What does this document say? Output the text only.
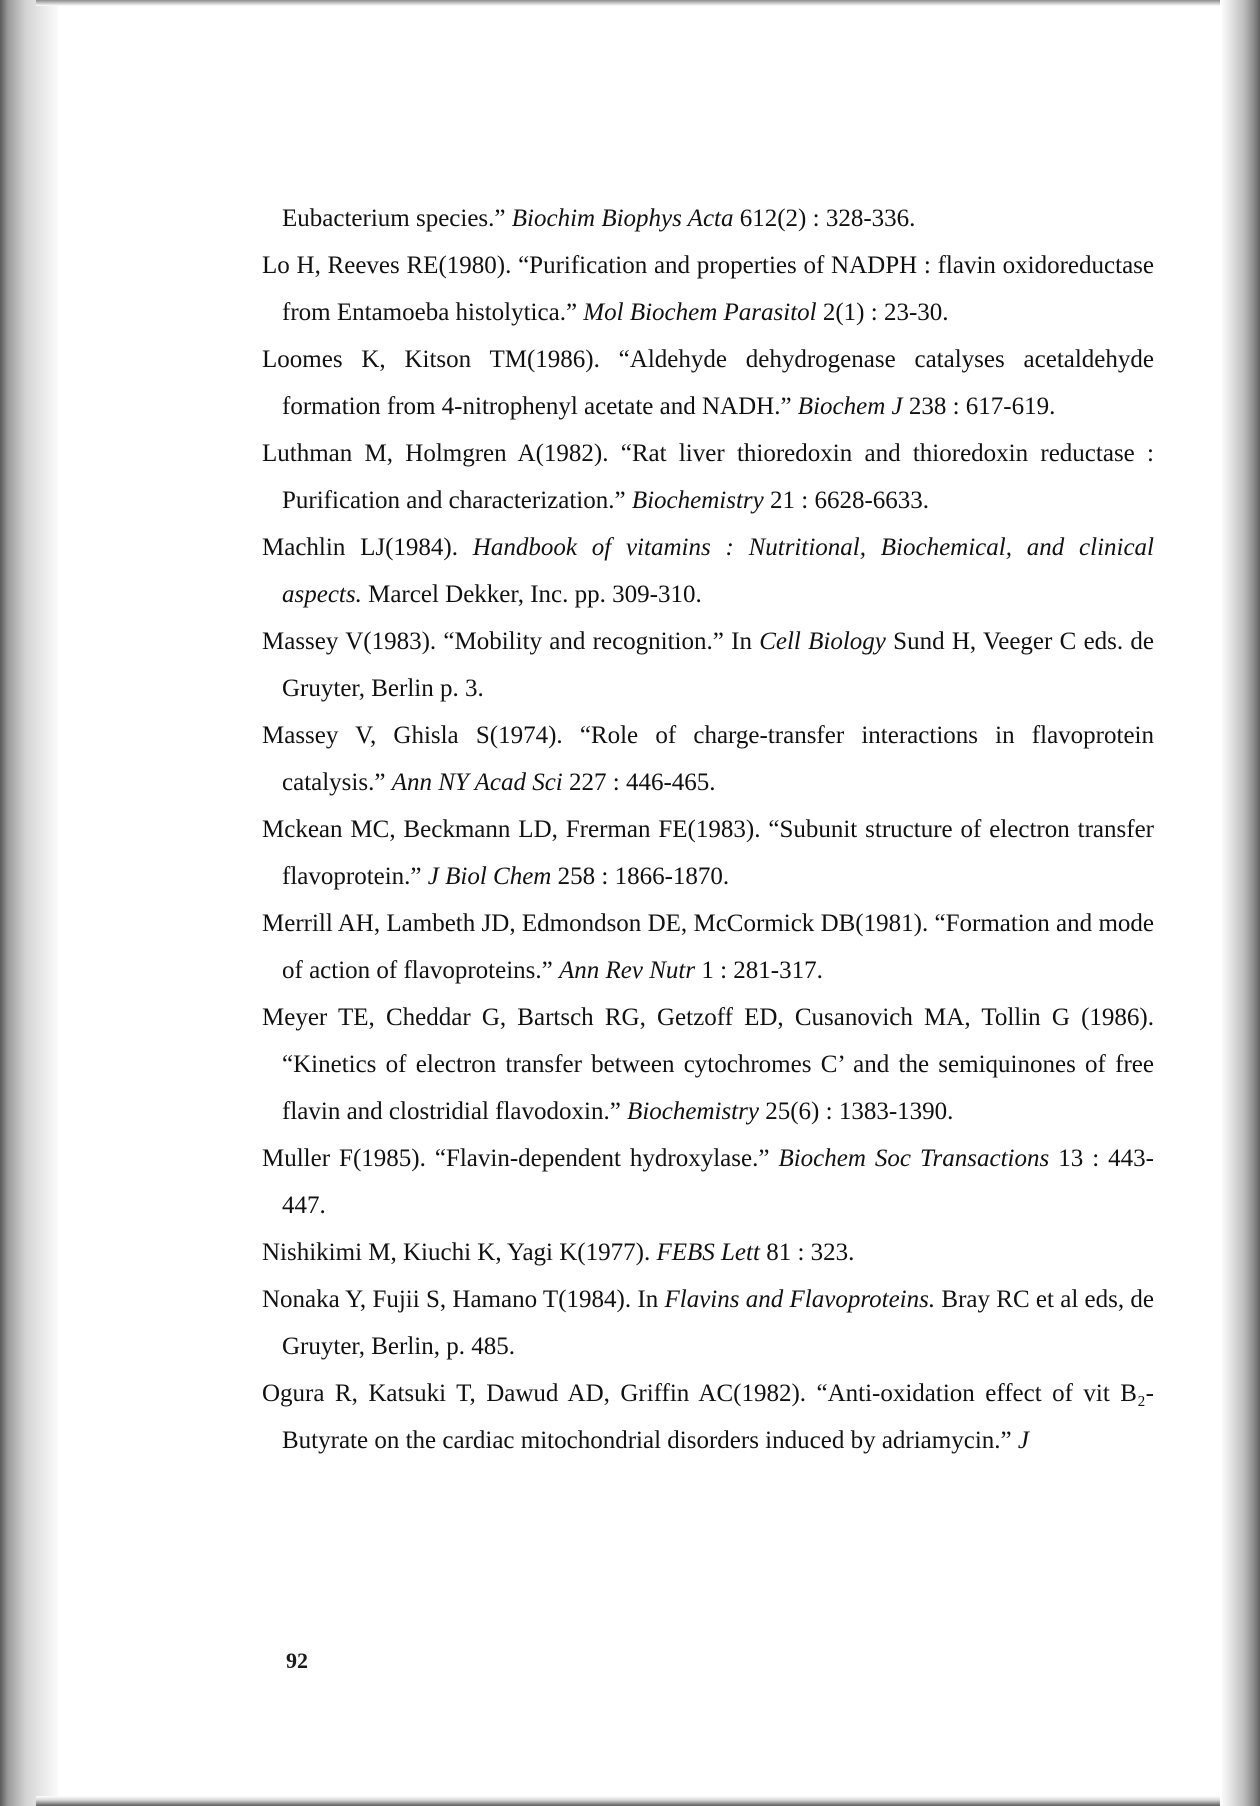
Eubacterium species.” Biochim Biophys Acta 612(2) : 328-336.

Lo H, Reeves RE(1980). “Purification and properties of NADPH : flavin oxidoreductase from Entamoeba histolytica.” Mol Biochem Parasitol 2(1) : 23-30.

Loomes K, Kitson TM(1986). “Aldehyde dehydrogenase catalyses acetaldehyde formation from 4-nitrophenyl acetate and NADH.” Biochem J 238 : 617-619.

Luthman M, Holmgren A(1982). “Rat liver thioredoxin and thioredoxin reductase : Purification and characterization.” Biochemistry 21 : 6628-6633.

Machlin LJ(1984). Handbook of vitamins : Nutritional, Biochemical, and clinical aspects. Marcel Dekker, Inc. pp. 309-310.

Massey V(1983). “Mobility and recognition.” In Cell Biology Sund H, Veeger C eds. de Gruyter, Berlin p. 3.

Massey V, Ghisla S(1974). “Role of charge-transfer interactions in flavoprotein catalysis.” Ann NY Acad Sci 227 : 446-465.

Mckean MC, Beckmann LD, Frerman FE(1983). “Subunit structure of electron transfer flavoprotein.” J Biol Chem 258 : 1866-1870.

Merrill AH, Lambeth JD, Edmondson DE, McCormick DB(1981). “Formation and mode of action of flavoproteins.” Ann Rev Nutr 1 : 281-317.

Meyer TE, Cheddar G, Bartsch RG, Getzoff ED, Cusanovich MA, Tollin G (1986). “Kinetics of electron transfer between cytochromes C’ and the semiquinones of free flavin and clostridial flavodoxin.” Biochemistry 25(6) : 1383-1390.

Muller F(1985). “Flavin-dependent hydroxylase.” Biochem Soc Transactions 13 : 443-447.

Nishikimi M, Kiuchi K, Yagi K(1977). FEBS Lett 81 : 323.

Nonaka Y, Fujii S, Hamano T(1984). In Flavins and Flavoproteins. Bray RC et al eds, de Gruyter, Berlin, p. 485.

Ogura R, Katsuki T, Dawud AD, Griffin AC(1982). “Anti-oxidation effect of vit B₂-Butyrate on the cardiac mitochondrial disorders induced by adriamycin.” J

92
